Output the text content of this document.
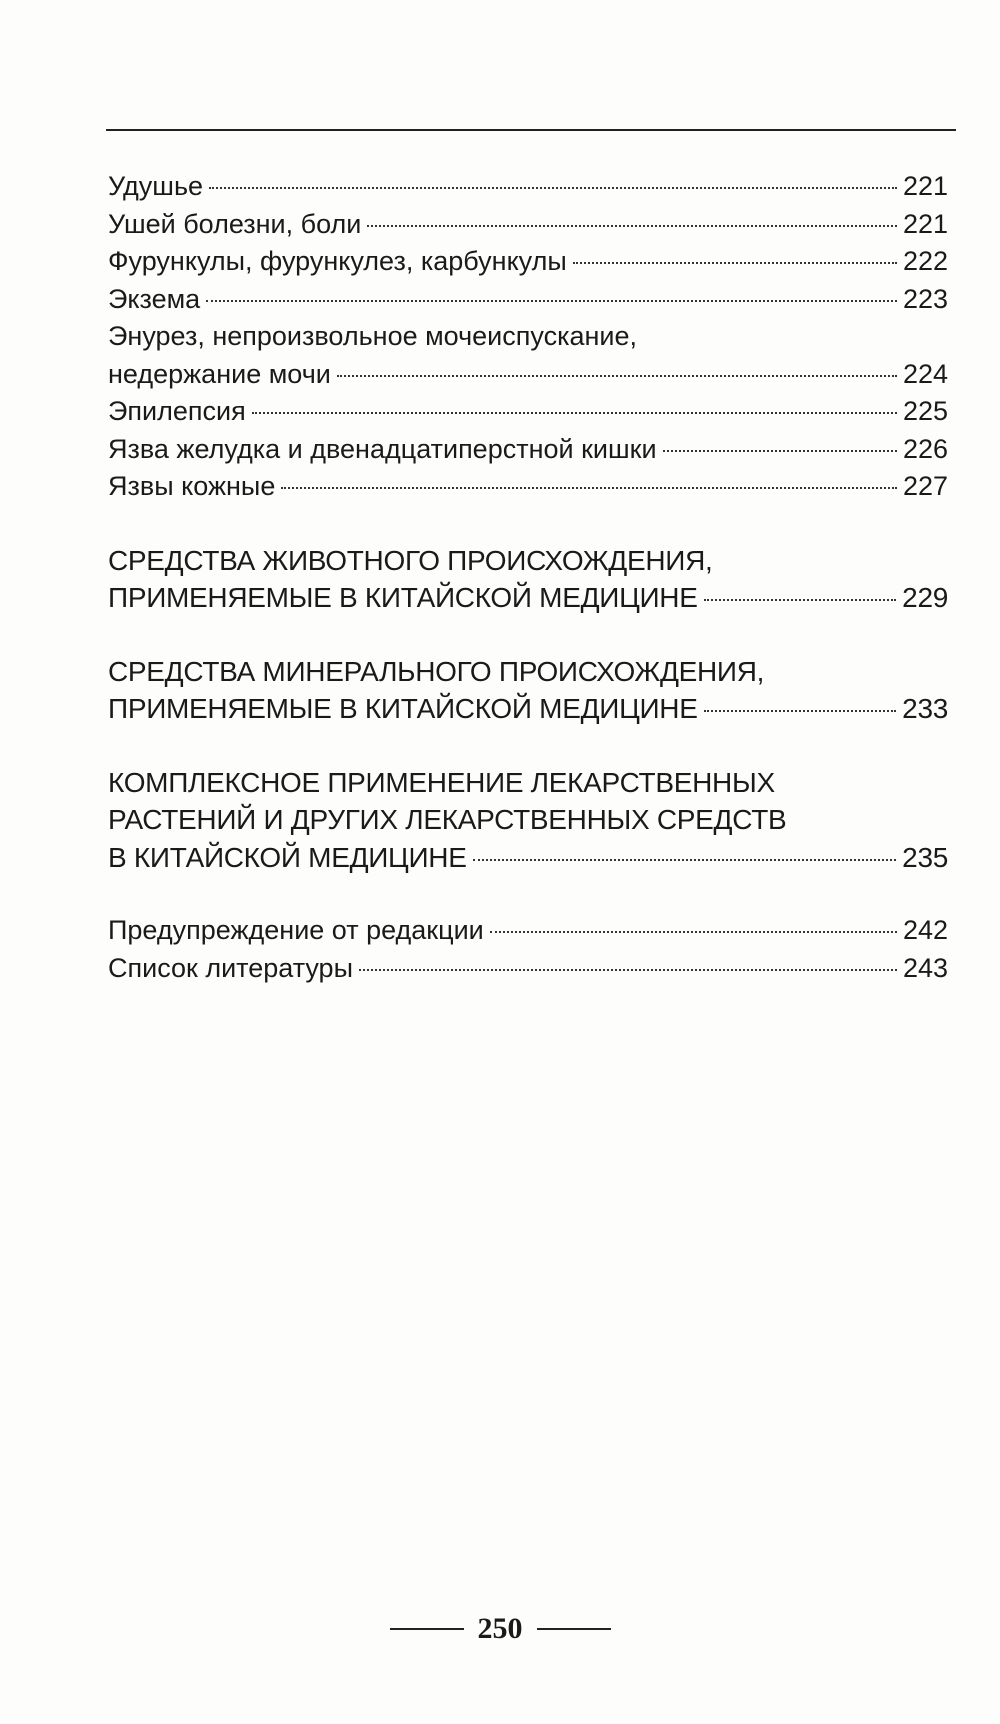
Удушье	221
Ушей болезни, боли	221
Фурункулы, фурункулез, карбункулы	222
Экзема	223
Энурез, непроизвольное мочеиспускание,
недержание мочи	224
Эпилепсия	225
Язва желудка и двенадцатиперстной кишки	226
Язвы кожные	227
СРЕДСТВА ЖИВОТНОГО ПРОИСХОЖДЕНИЯ,
ПРИМЕНЯЕМЫЕ В КИТАЙСКОЙ МЕДИЦИНЕ	229
СРЕДСТВА МИНЕРАЛЬНОГО ПРОИСХОЖДЕНИЯ,
ПРИМЕНЯЕМЫЕ В КИТАЙСКОЙ МЕДИЦИНЕ	233
КОМПЛЕКСНОЕ ПРИМЕНЕНИЕ ЛЕКАРСТВЕННЫХ
РАСТЕНИЙ И ДРУГИХ ЛЕКАРСТВЕННЫХ СРЕДСТВ
В КИТАЙСКОЙ МЕДИЦИНЕ	235
Предупреждение от редакции	242
Список литературы	243
250
